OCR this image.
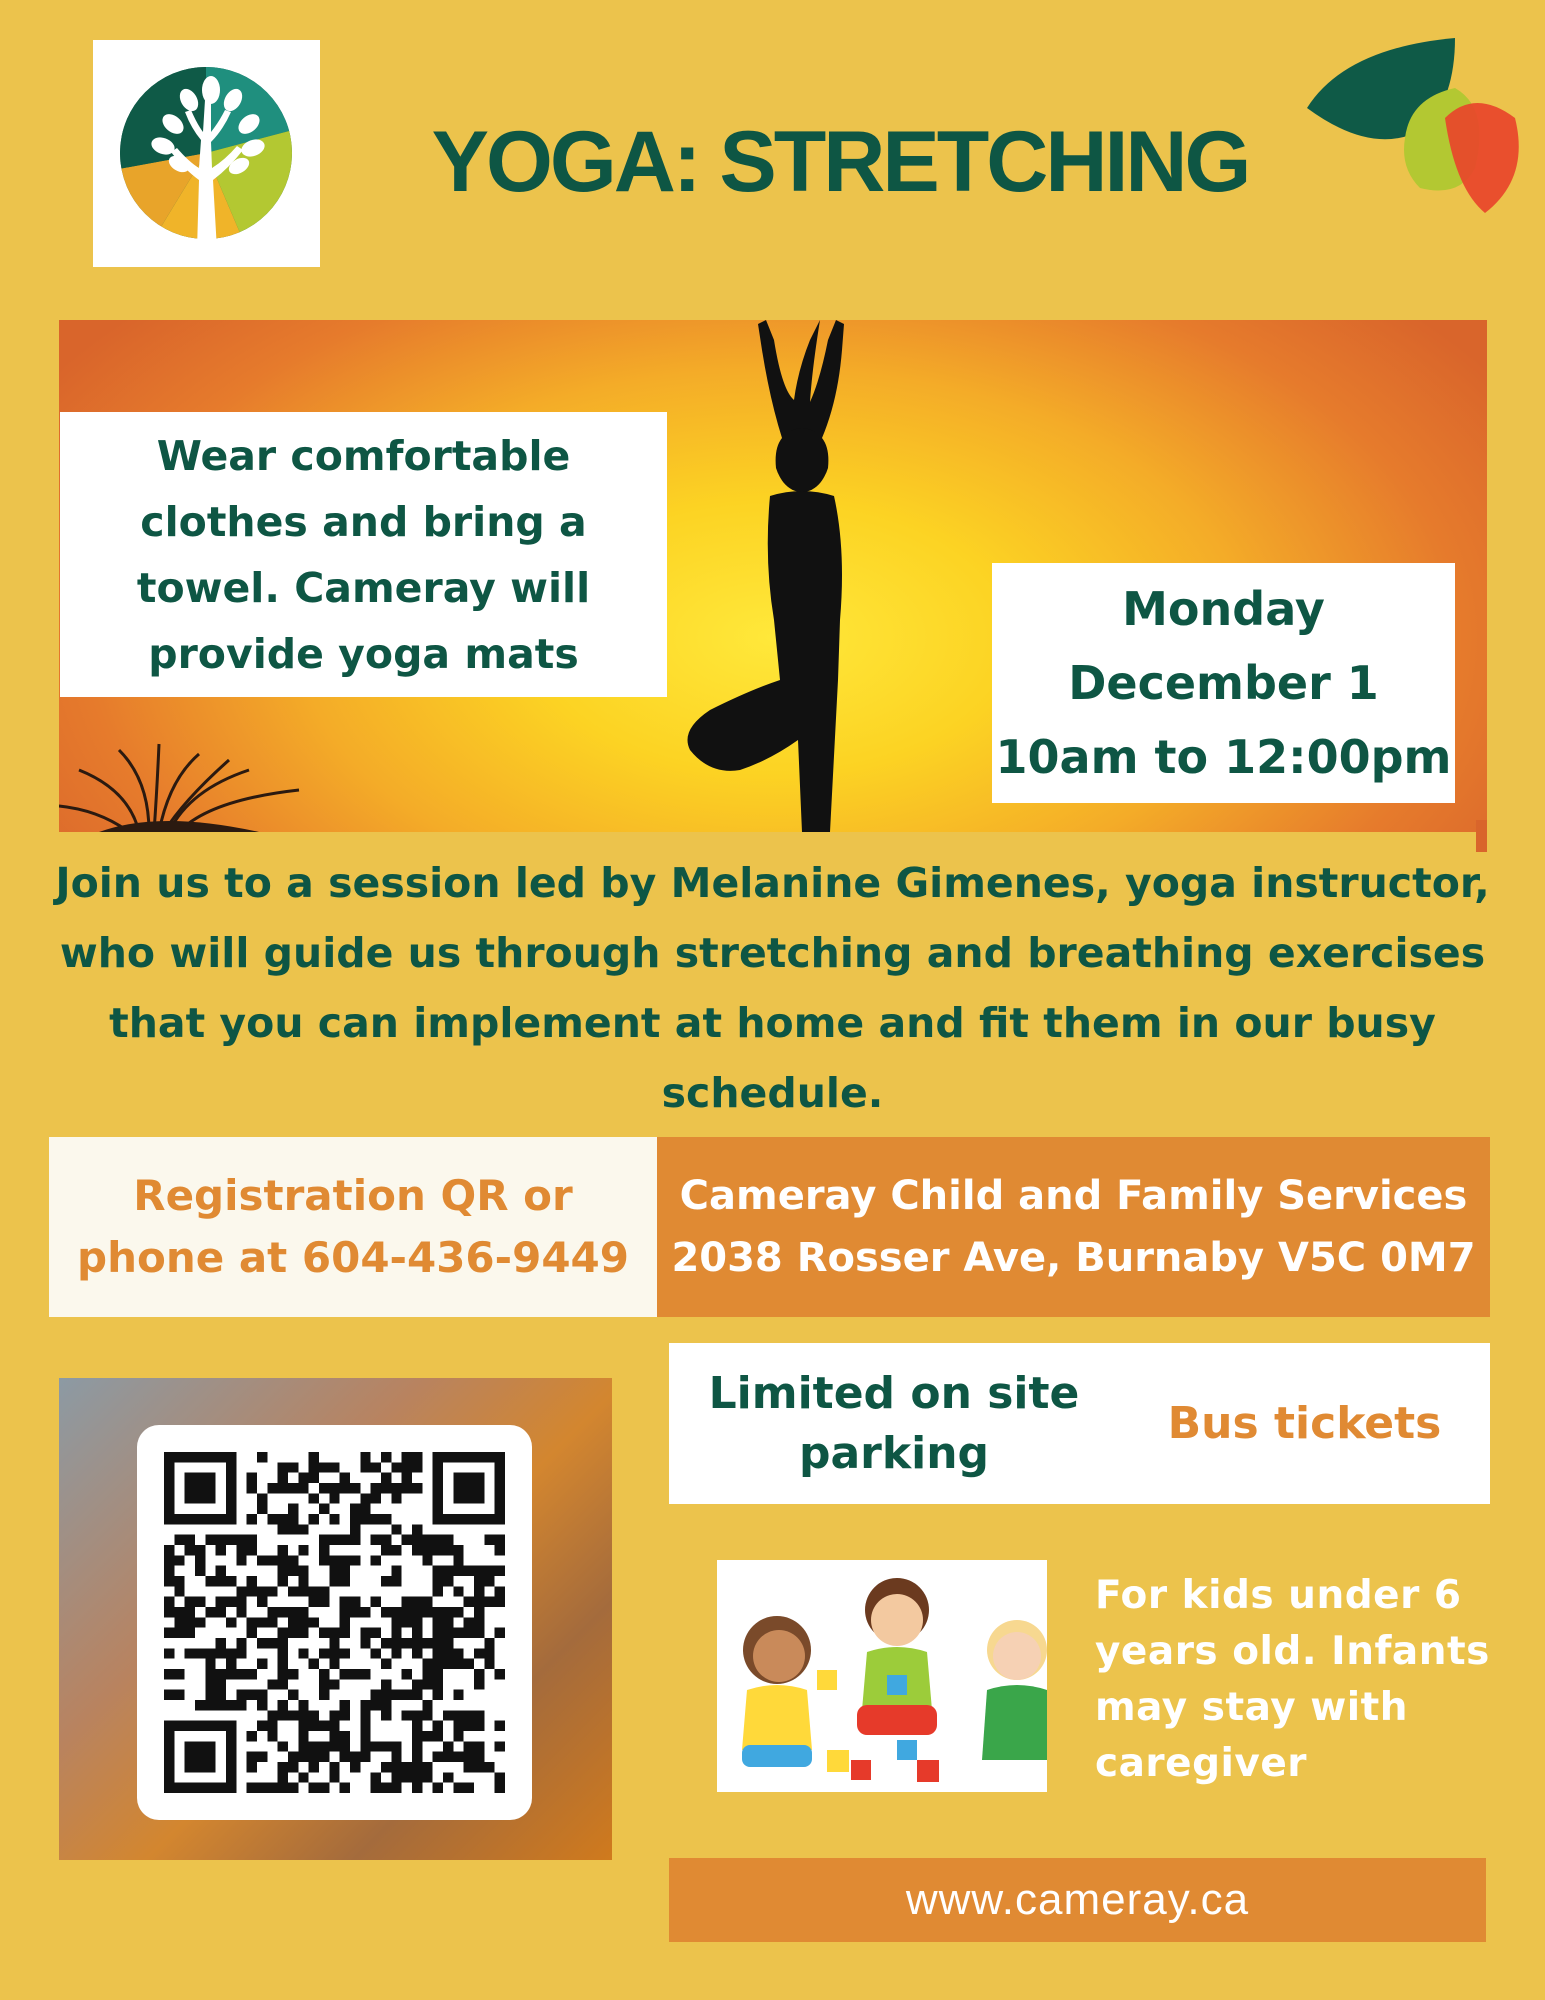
YOGA: STRETCHING
Wear comfortable clothes and bring a towel. Cameray will provide yoga mats
Monday
December 1
10am to 12:00pm

Join us to a session led by Melanine Gimenes, yoga instructor, who will guide us through stretching and breathing exercises that you can implement at home and fit them in our busy schedule.

Registration QR or
phone at 604-436-9449
Cameray Child and Family Services
2038 Rosser Ave, Burnaby V5C 0M7
Limited on site parking
Bus tickets

For kids under 6 years old. Infants may stay with caregiver

www.cameray.ca
